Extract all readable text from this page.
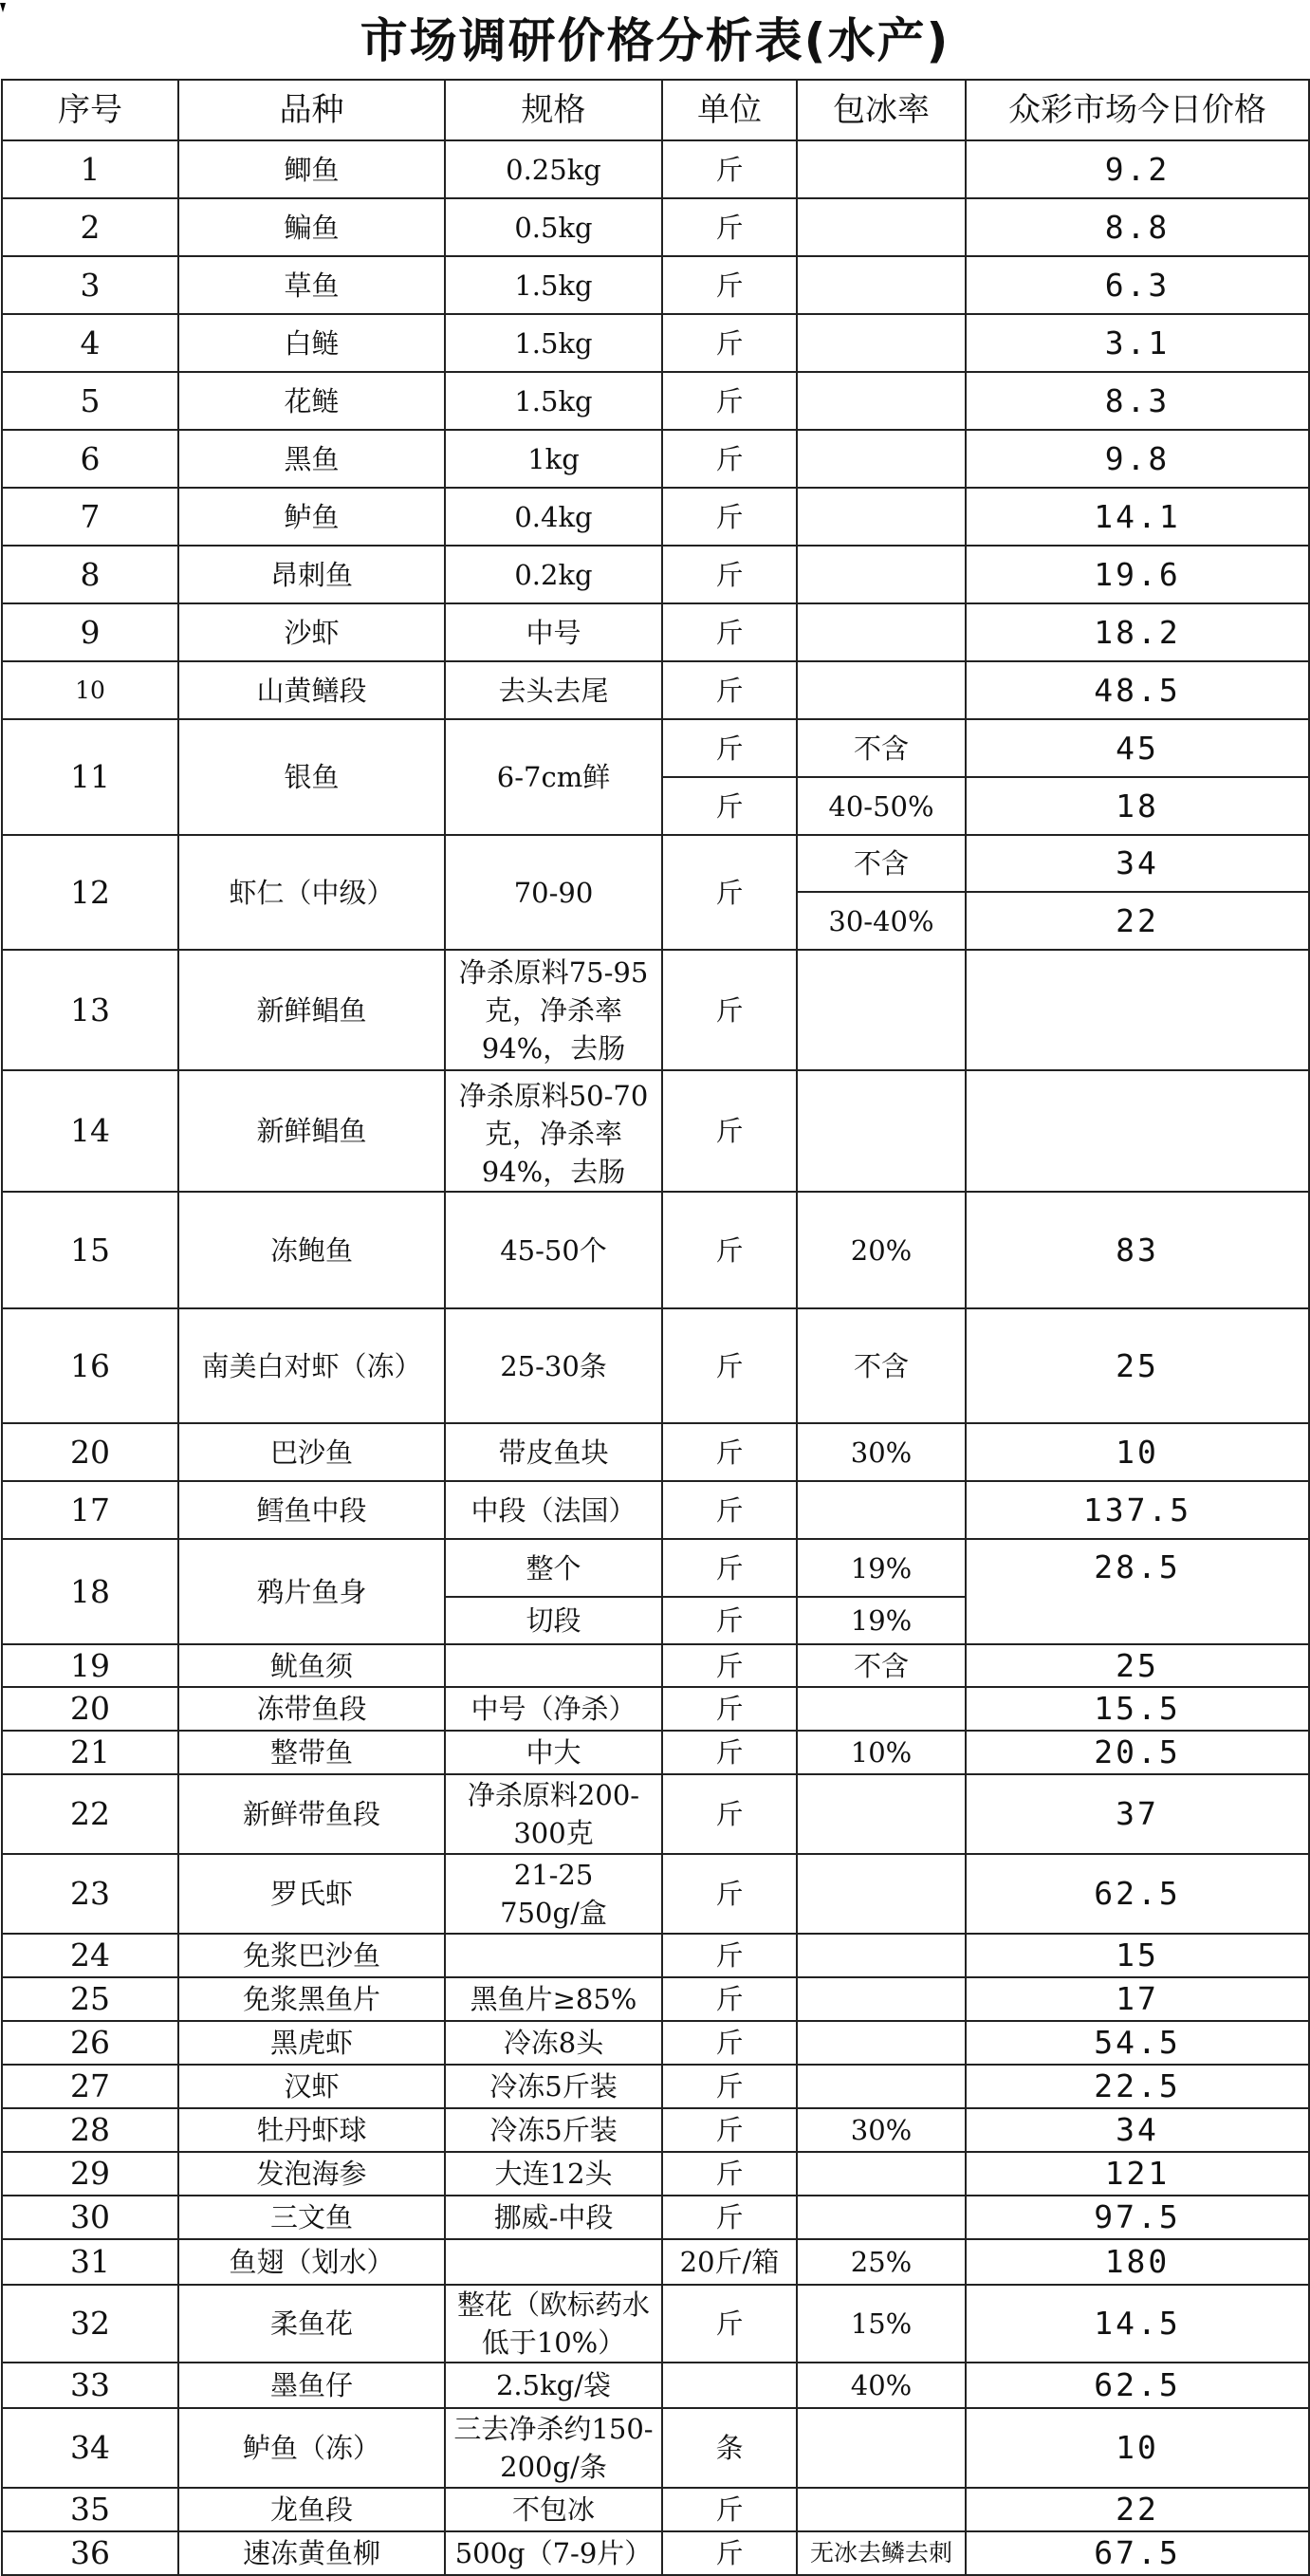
市场调研价格分析表(水产)
序号	品种	规格	单位	包冰率	众彩市场今日价格
1	鲫鱼	0.25kg	斤		9.2
2	鳊鱼	0.5kg	斤		8.8
3	草鱼	1.5kg	斤		6.3
4	白鲢	1.5kg	斤		3.1
5	花鲢	1.5kg	斤		8.3
6	黑鱼	1kg	斤		9.8
7	鲈鱼	0.4kg	斤		14.1
8	昂刺鱼	0.2kg	斤		19.6
9	沙虾	中号	斤		18.2
10	山黄鳝段	去头去尾	斤		48.5
11	银鱼	6-7cm鲜	斤	不含	45
			斤	40-50%	18
12	虾仁（中级）	70-90	斤	不含	34
				30-40%	22
13	新鲜鲳鱼	净杀原料75-95克，净杀率94%，去肠	斤		
14	新鲜鲳鱼	净杀原料50-70克，净杀率94%，去肠	斤		
15	冻鲍鱼	45-50个	斤	20%	83
16	南美白对虾（冻）	25-30条	斤	不含	25
20	巴沙鱼	带皮鱼块	斤	30%	10
17	鳕鱼中段	中段（法国）	斤		137.5
18	鸦片鱼身	整个	斤	19%	28.5
		切段	斤	19%	
19	鱿鱼须		斤	不含	25
20	冻带鱼段	中号（净杀）	斤		15.5
21	整带鱼	中大	斤	10%	20.5
22	新鲜带鱼段	净杀原料200-300克	斤		37
23	罗氏虾	21-25 750g/盒	斤		62.5
24	免浆巴沙鱼		斤		15
25	免浆黑鱼片	黑鱼片≥85%	斤		17
26	黑虎虾	冷冻8头	斤		54.5
27	汉虾	冷冻5斤装	斤		22.5
28	牡丹虾球	冷冻5斤装	斤	30%	34
29	发泡海参	大连12头	斤		121
30	三文鱼	挪威-中段	斤		97.5
31	鱼翅（划水）		20斤/箱	25%	180
32	柔鱼花	整花（欧标药水低于10%）	斤	15%	14.5
33	墨鱼仔	2.5kg/袋		40%	62.5
34	鲈鱼（冻）	三去净杀约150-200g/条	条		10
35	龙鱼段	不包冰	斤		22
36	速冻黄鱼柳	500g（7-9片）	斤	无冰去鳞去刺	67.5
